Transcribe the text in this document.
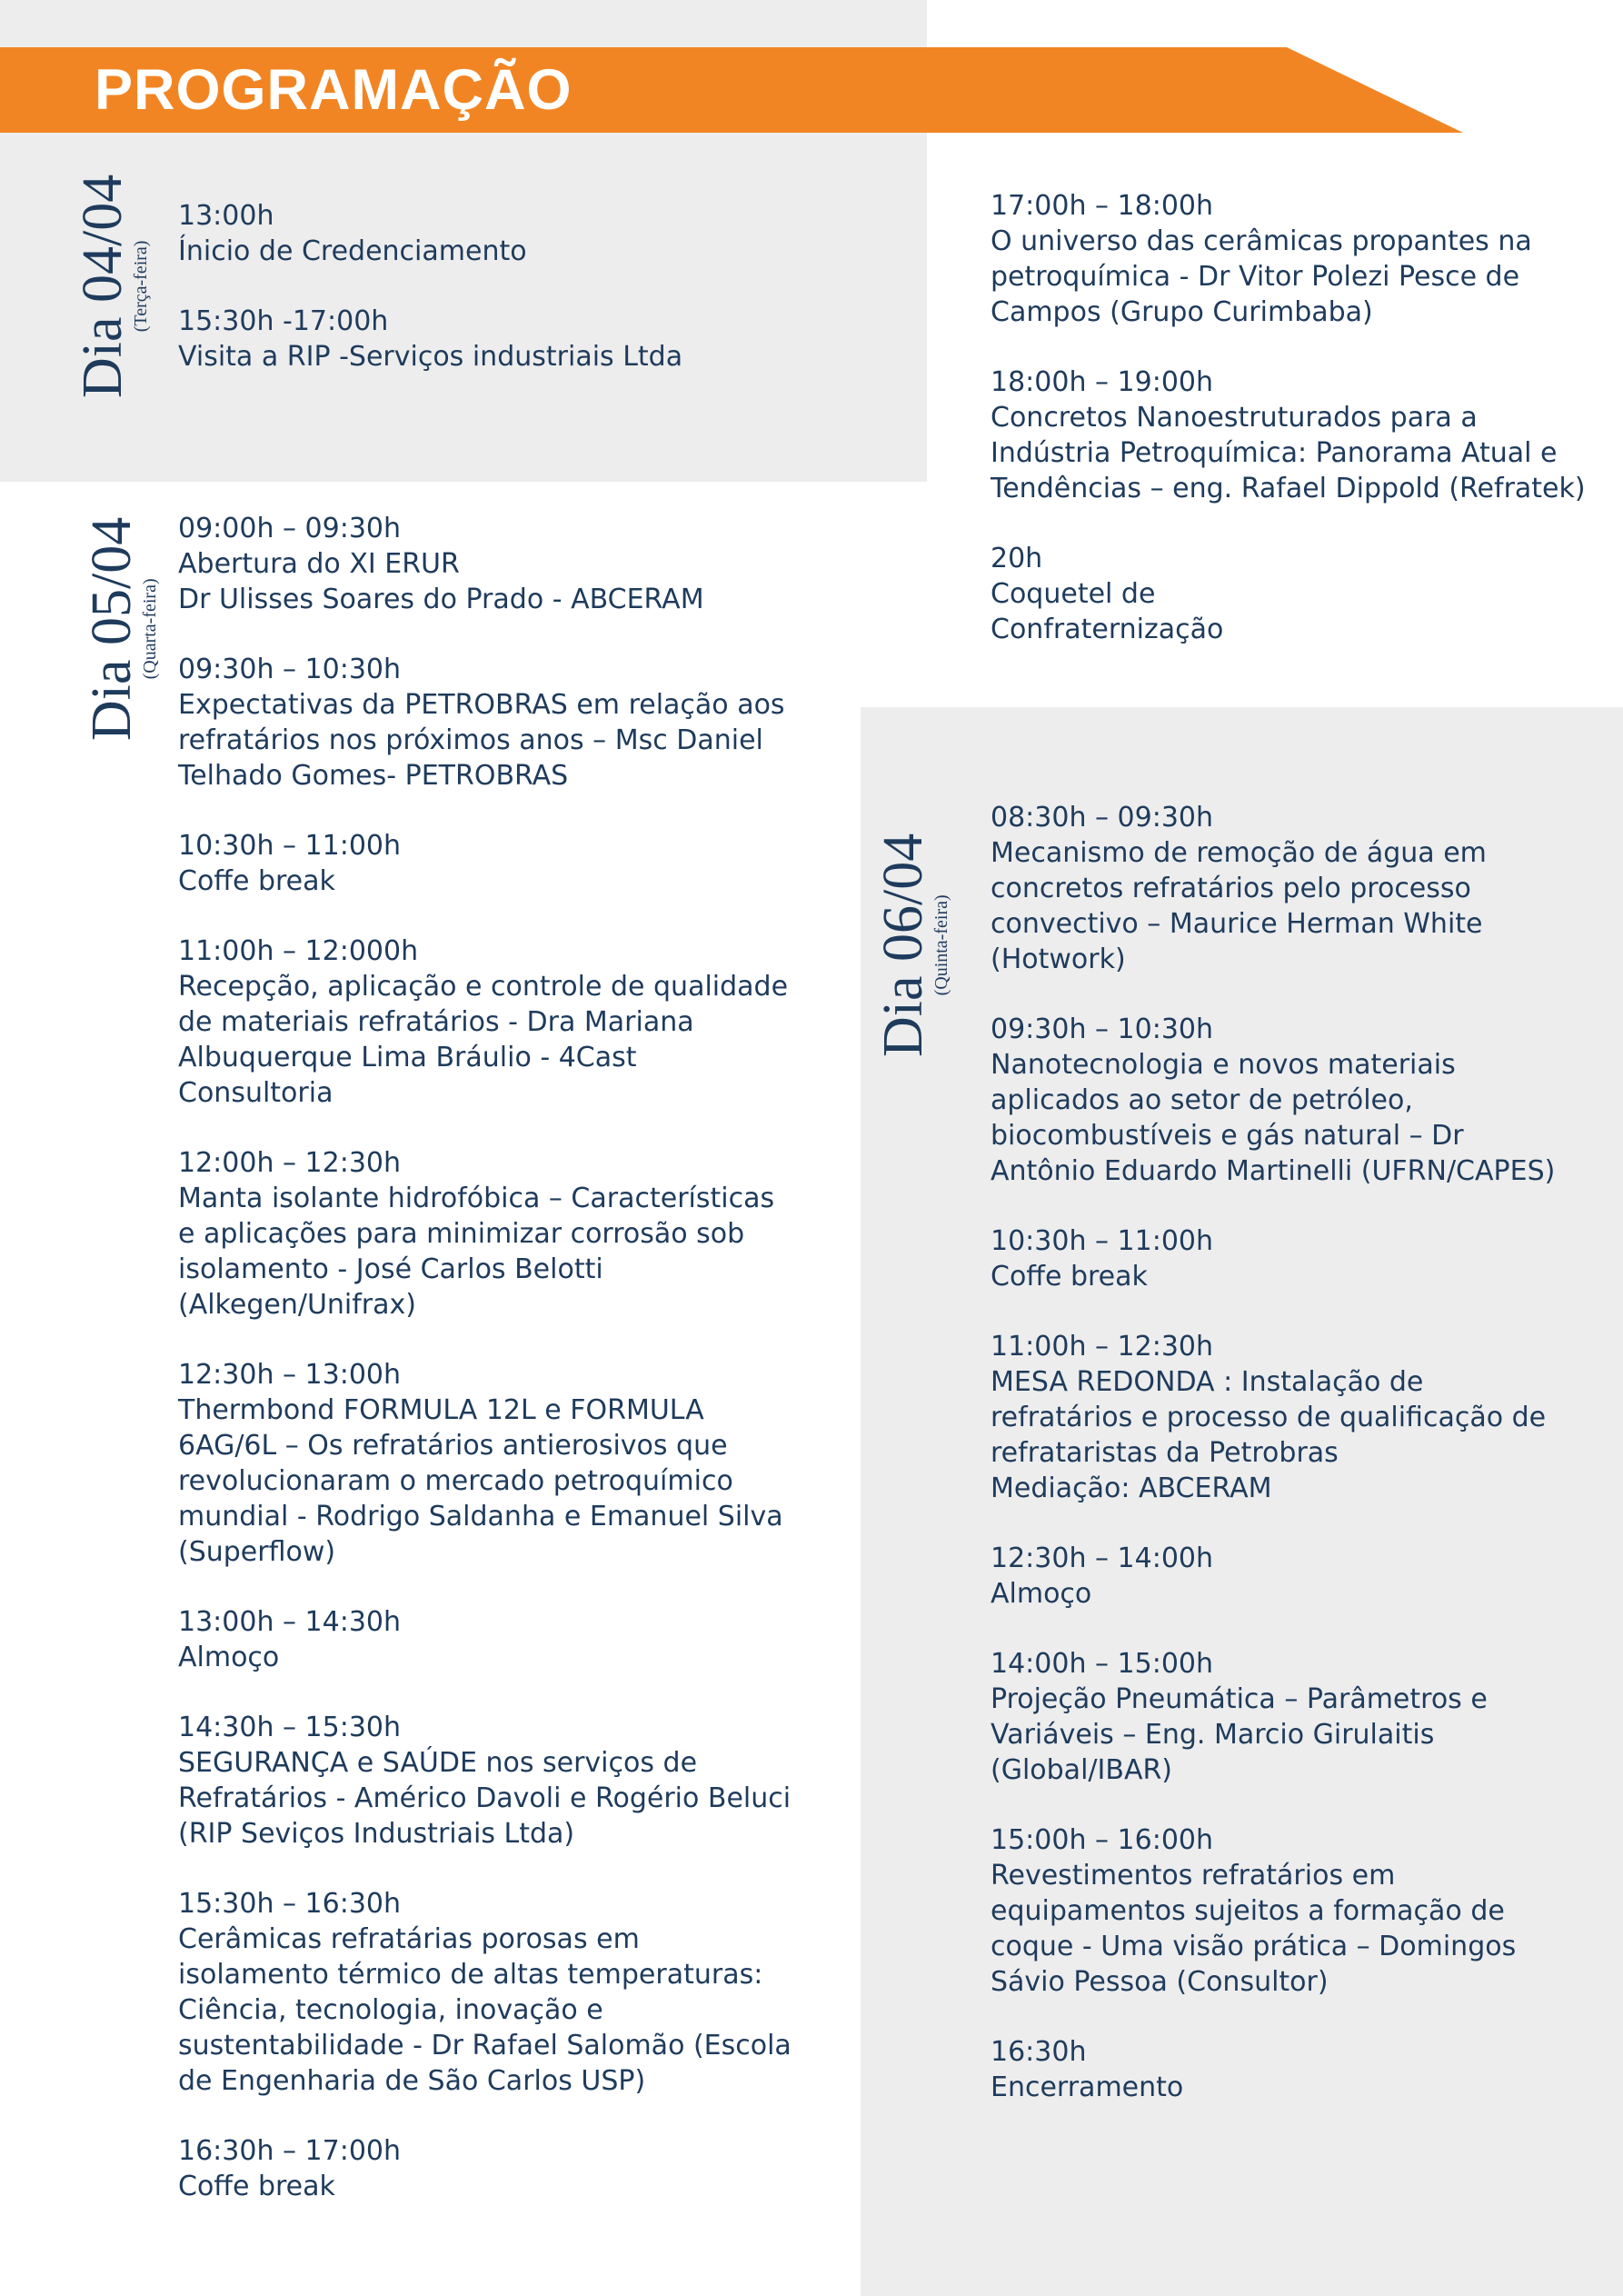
PROGRAMAÇÃO
Dia 04/04
(Terça-feira)
Dia 05/04
(Quarta-feira)
Dia 06/04
(Quinta-feira)
13:00h
Ínicio de Credenciamento
15:30h -17:00h
Visita a RIP -Serviços industriais Ltda
09:00h – 09:30h
Abertura do XI ERUR
Dr Ulisses Soares do Prado - ABCERAM
09:30h – 10:30h
Expectativas da PETROBRAS em relação aos
refratários nos próximos anos – Msc Daniel
Telhado Gomes- PETROBRAS
10:30h – 11:00h
Coffe break
11:00h – 12:000h
Recepção, aplicação e controle de qualidade
de materiais refratários - Dra Mariana
Albuquerque Lima Bráulio - 4Cast
Consultoria
12:00h – 12:30h
Manta isolante hidrofóbica – Características
e aplicações para minimizar corrosão sob
isolamento - José Carlos Belotti
(Alkegen/Unifrax)
12:30h – 13:00h
Thermbond FORMULA 12L e FORMULA
6AG/6L – Os refratários antierosivos que
revolucionaram o mercado petroquímico
mundial - Rodrigo Saldanha e Emanuel Silva
(Superflow)
13:00h – 14:30h
Almoço
14:30h – 15:30h
SEGURANÇA e SAÚDE nos serviços de
Refratários - Américo Davoli e Rogério Beluci
(RIP Seviços Industriais Ltda)
15:30h – 16:30h
Cerâmicas refratárias porosas em
isolamento térmico de altas temperaturas:
Ciência, tecnologia, inovação e
sustentabilidade - Dr Rafael Salomão (Escola
de Engenharia de São Carlos USP)
16:30h – 17:00h
Coffe break
17:00h – 18:00h
O universo das cerâmicas propantes na
petroquímica - Dr Vitor Polezi Pesce de
Campos (Grupo Curimbaba)
18:00h – 19:00h
Concretos Nanoestruturados para a
Indústria Petroquímica: Panorama Atual e
Tendências – eng. Rafael Dippold (Refratek)
20h
Coquetel de
Confraternização
08:30h – 09:30h
Mecanismo de remoção de água em
concretos refratários pelo processo
convectivo – Maurice Herman White
(Hotwork)
09:30h – 10:30h
Nanotecnologia e novos materiais
aplicados ao setor de petróleo,
biocombustíveis e gás natural – Dr
Antônio Eduardo Martinelli (UFRN/CAPES)
10:30h – 11:00h
Coffe break
11:00h – 12:30h
MESA REDONDA : Instalação de
refratários e processo de qualificação de
refrataristas da Petrobras
Mediação: ABCERAM
12:30h – 14:00h
Almoço
14:00h – 15:00h
Projeção Pneumática – Parâmetros e
Variáveis – Eng. Marcio Girulaitis
(Global/IBAR)
15:00h – 16:00h
Revestimentos refratários em
equipamentos sujeitos a formação de
coque - Uma visão prática – Domingos
Sávio Pessoa (Consultor)
16:30h
Encerramento
